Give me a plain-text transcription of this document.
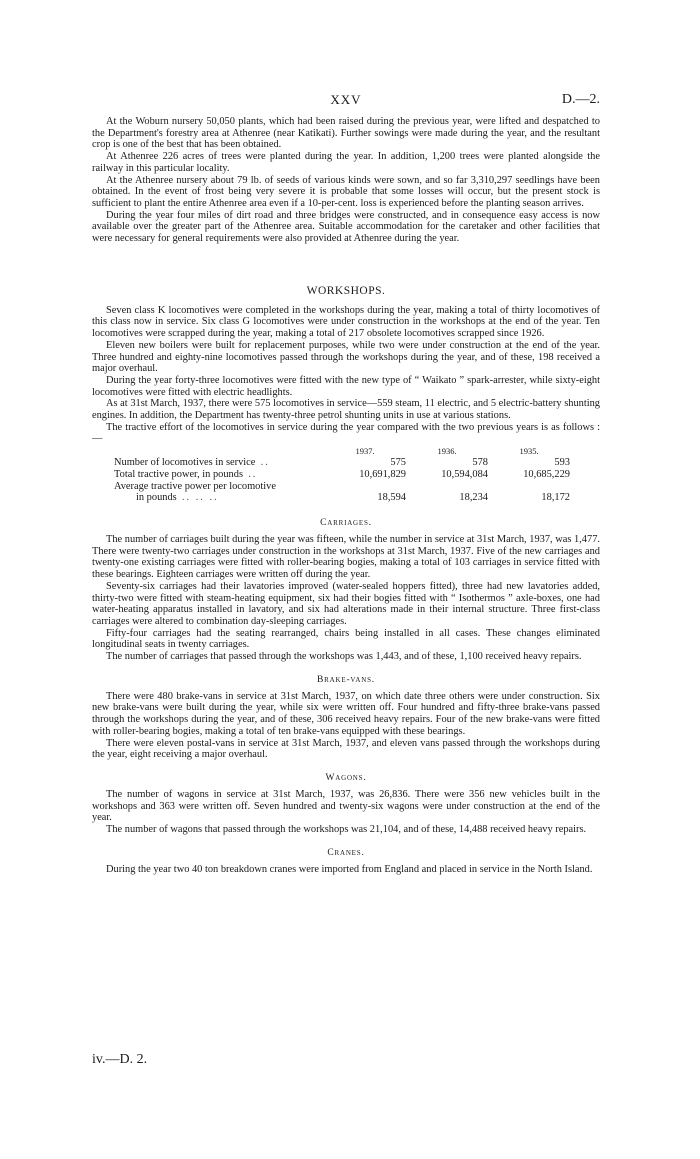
XXV	D.—2.

At the Woburn nursery 50,050 plants, which had been raised during the previous year, were lifted and despatched to the Department's forestry area at Athenree (near Katikati). Further sowings were made during the year, and the resultant crop is one of the best that has been obtained.

At Athenree 226 acres of trees were planted during the year. In addition, 1,200 trees were planted alongside the railway in this particular locality.

At the Athenree nursery about 79 lb. of seeds of various kinds were sown, and so far 3,310,297 seedlings have been obtained. In the event of frost being very severe it is probable that some losses will occur, but the present stock is sufficient to plant the entire Athenree area even if a 10-per-cent. loss is experienced before the planting season arrives.

During the year four miles of dirt road and three bridges were constructed, and in consequence easy access is now available over the greater part of the Athenree area. Suitable accommodation for the caretaker and other facilities that were necessary for general requirements were also provided at Athenree during the year.

WORKSHOPS.

Seven class K locomotives were completed in the workshops during the year, making a total of thirty locomotives of this class now in service. Six class G locomotives were under construction in the workshops at the end of the year. Ten locomotives were scrapped during the year, making a total of 217 obsolete locomotives scrapped since 1926.

Eleven new boilers were built for replacement purposes, while two were under construction at the end of the year. Three hundred and eighty-nine locomotives passed through the workshops during the year, and of these, 198 received a major overhaul.

During the year forty-three locomotives were fitted with the new type of “ Waikato ” spark-arrester, while sixty-eight locomotives were fitted with electric headlights.

As at 31st March, 1937, there were 575 locomotives in service—559 steam, 11 electric, and 5 electric-battery shunting engines. In addition, the Department has twenty-three petrol shunting units in use at various stations.

The tractive effort of the locomotives in service during the year compared with the two previous years is as follows :—

	1937.	1936.	1935.
Number of locomotives in service ..	575	578	593
Total tractive power, in pounds ..	10,691,829	10,594,084	10,685,229
Average tractive power per locomotive
in pounds .. .. ..	18,594	18,234	18,172
Carriages.

The number of carriages built during the year was fifteen, while the number in service at 31st March, 1937, was 1,477. There were twenty-two carriages under construction in the workshops at 31st March, 1937. Five of the new carriages and twenty-one existing carriages were fitted with roller-bearing bogies, making a total of 103 carriages in service fitted with these bearings. Eighteen carriages were written off during the year.

Seventy-six carriages had their lavatories improved (water-sealed hoppers fitted), three had new lavatories added, thirty-two were fitted with steam-heating equipment, six had their bogies fitted with “ Isothermos ” axle-boxes, one had water-heating apparatus installed in lavatory, and six had alterations made in their internal structure. Three first-class carriages were altered to combination day-sleeping carriages.

Fifty-four carriages had the seating rearranged, chairs being installed in all cases. These changes eliminated longitudinal seats in twenty carriages.

The number of carriages that passed through the workshops was 1,443, and of these, 1,100 received heavy repairs.

Brake-vans.

There were 480 brake-vans in service at 31st March, 1937, on which date three others were under construction. Six new brake-vans were built during the year, while six were written off. Four hundred and fifty-three brake-vans passed through the workshops during the year, and of these, 306 received heavy repairs. Four of the new brake-vans were fitted with roller-bearing bogies, making a total of ten brake-vans equipped with these bearings.

There were eleven postal-vans in service at 31st March, 1937, and eleven vans passed through the workshops during the year, eight receiving a major overhaul.

Wagons.

The number of wagons in service at 31st March, 1937, was 26,836. There were 356 new vehicles built in the workshops and 363 were written off. Seven hundred and twenty-six wagons were under construction at the end of the year.

The number of wagons that passed through the workshops was 21,104, and of these, 14,488 received heavy repairs.

Cranes.

During the year two 40 ton breakdown cranes were imported from England and placed in service in the North Island.

iv.—D. 2.
